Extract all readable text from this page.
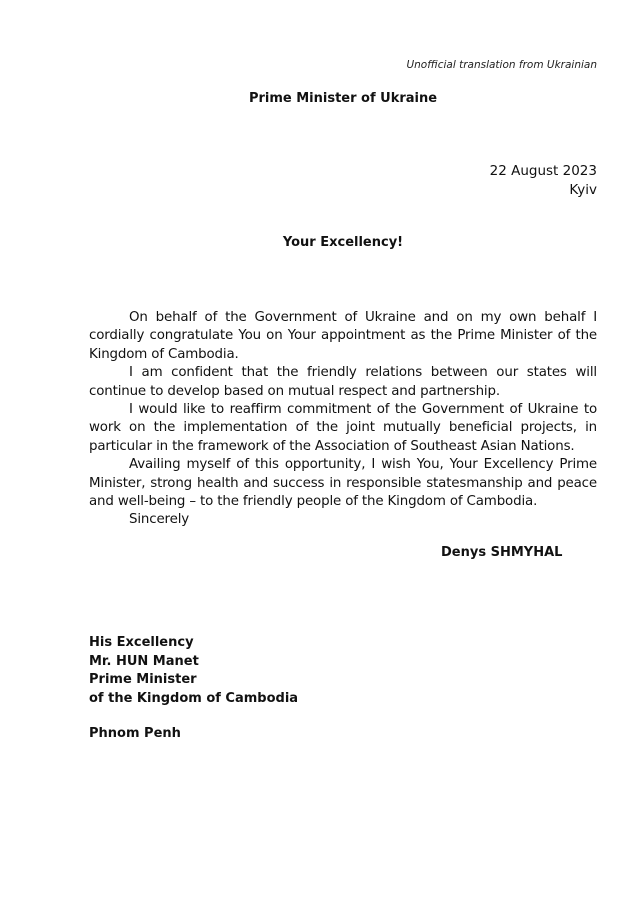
Unofficial translation from Ukrainian
Prime Minister of Ukraine
22 August 2023
Kyiv
Your Excellency!

On behalf of the Government of Ukraine and on my own behalf I cordially congratulate You on Your appointment as the Prime Minister of the Kingdom of Cambodia.

I am confident that the friendly relations between our states will continue to develop based on mutual respect and partnership.

I would like to reaffirm commitment of the Government of Ukraine to work on the implementation of the joint mutually beneficial projects, in particular in the framework of the Association of Southeast Asian Nations.

Availing myself of this opportunity, I wish You, Your Excellency Prime Minister, strong health and success in responsible statesmanship and peace and well-being – to the friendly people of the Kingdom of Cambodia.

Sincerely

Denys SHMYHAL
His Excellency
Mr. HUN Manet
Prime Minister
of the Kingdom of Cambodia
Phnom Penh
